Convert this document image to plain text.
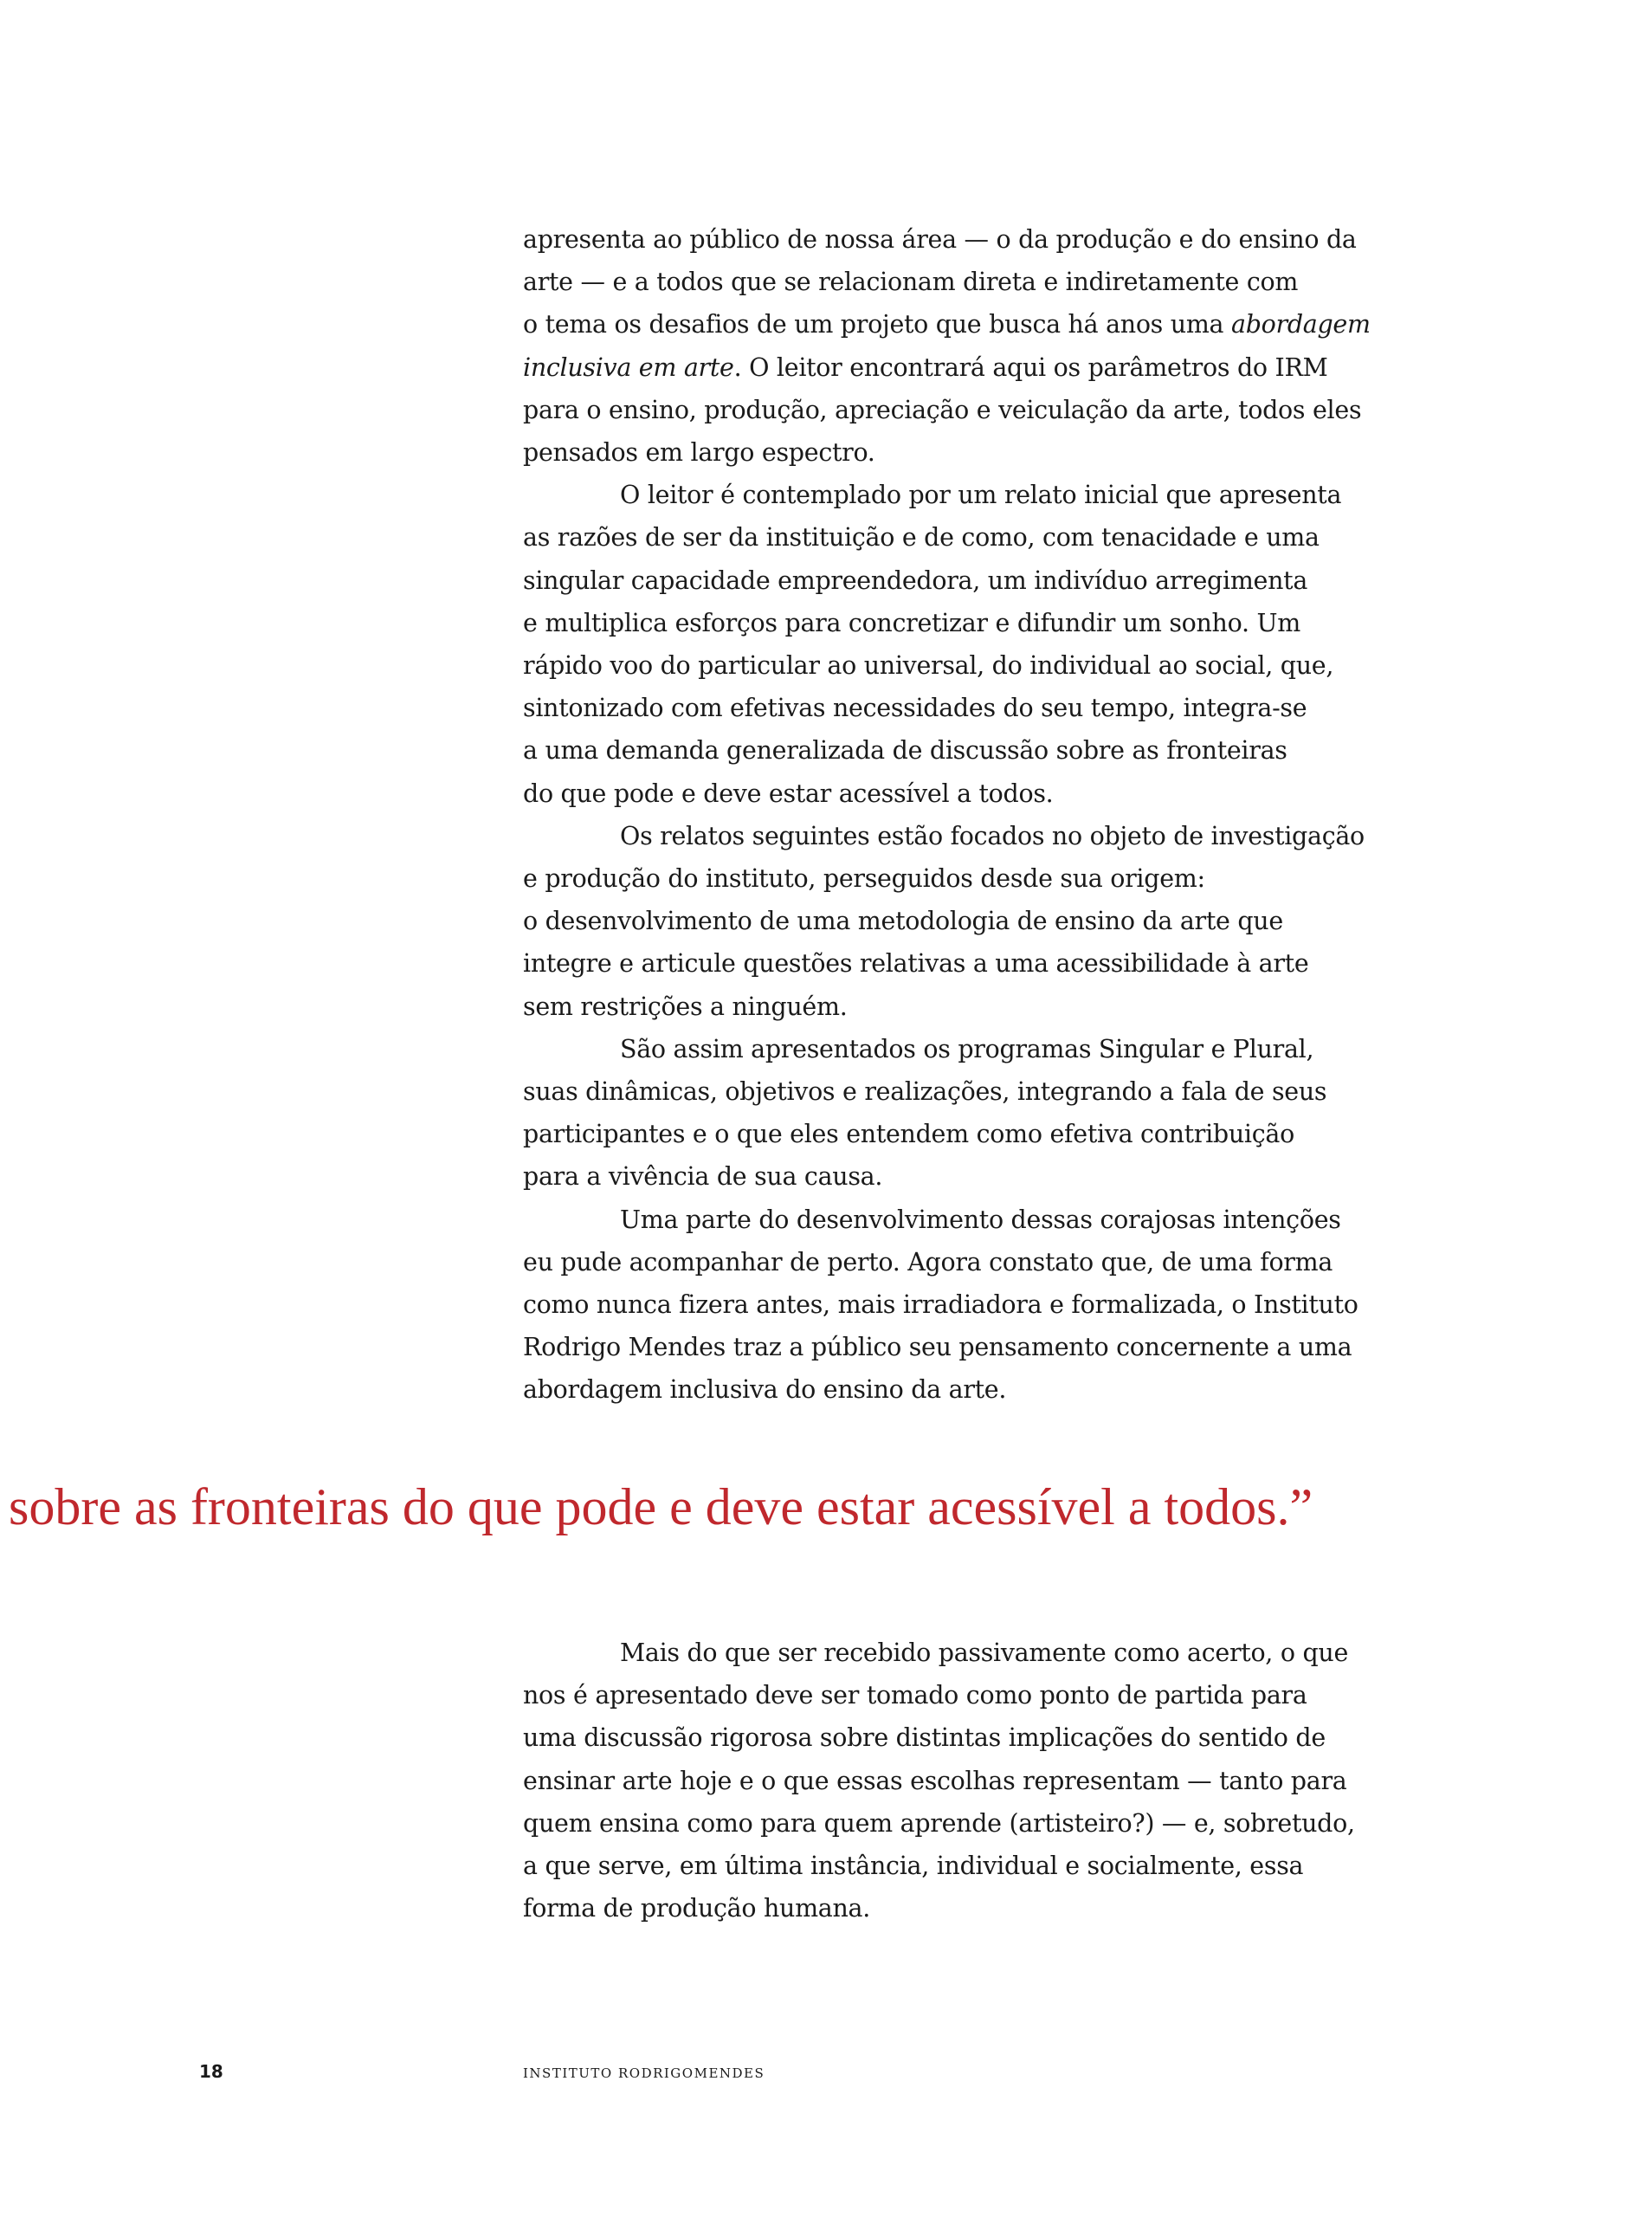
apresenta ao público de nossa área — o da produção e do ensino da
arte — e a todos que se relacionam direta e indiretamente com
o tema os desafios de um projeto que busca há anos uma abordagem
inclusiva em arte. O leitor encontrará aqui os parâmetros do IRM
para o ensino, produção, apreciação e veiculação da arte, todos eles
pensados em largo espectro.
O leitor é contemplado por um relato inicial que apresenta
as razões de ser da instituição e de como, com tenacidade e uma
singular capacidade empreendedora, um indivíduo arregimenta
e multiplica esforços para concretizar e difundir um sonho. Um
rápido voo do particular ao universal, do individual ao social, que,
sintonizado com efetivas necessidades do seu tempo, integra-se
a uma demanda generalizada de discussão sobre as fronteiras
do que pode e deve estar acessível a todos.
Os relatos seguintes estão focados no objeto de investigação
e produção do instituto, perseguidos desde sua origem:
o desenvolvimento de uma metodologia de ensino da arte que
integre e articule questões relativas a uma acessibilidade à arte
sem restrições a ninguém.
São assim apresentados os programas Singular e Plural,
suas dinâmicas, objetivos e realizações, integrando a fala de seus
participantes e o que eles entendem como efetiva contribuição
para a vivência de sua causa.
Uma parte do desenvolvimento dessas corajosas intenções
eu pude acompanhar de perto. Agora constato que, de uma forma
como nunca fizera antes, mais irradiadora e formalizada, o Instituto
Rodrigo Mendes traz a público seu pensamento concernente a uma
abordagem inclusiva do ensino da arte.
sobre as fronteiras do que pode e deve estar acessível a todos.”
Mais do que ser recebido passivamente como acerto, o que
nos é apresentado deve ser tomado como ponto de partida para
uma discussão rigorosa sobre distintas implicações do sentido de
ensinar arte hoje e o que essas escolhas representam — tanto para
quem ensina como para quem aprende (artisteiro?) — e, sobretudo,
a que serve, em última instância, individual e socialmente, essa
forma de produção humana.
18	INSTITUTO RODRIGOMENDES
